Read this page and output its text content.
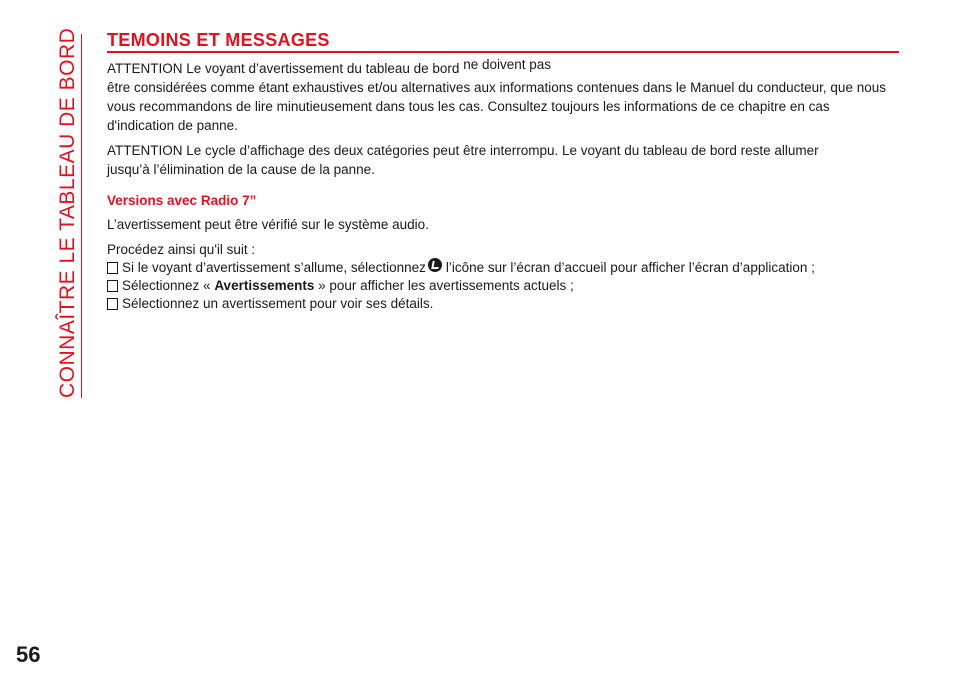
CONNAÎTRE LE TABLEAU DE BORD TEMOINS ET MESSAGES

ATTENTION Le voyant d’avertissement du tableau de bord ne doivent pas
être considérées comme étant exhaustives et/ou alternatives aux informations contenues dans le Manuel du conducteur, que nous vous recommandons de lire minutieusement dans tous les cas. Consultez toujours les informations de ce chapitre en cas d'indication de panne.

ATTENTION Le cycle d’affichage des deux catégories peut être interrompu. Le voyant du tableau de bord reste allumer
jusqu’à l’élimination de la cause de la panne.

Versions avec Radio 7”

L’avertissement peut être vérifié sur le système audio.

Procédez ainsi qu'il suit :

Si le voyant d’avertissement s’allume, sélectionnez l’icône sur l’écran d’accueil pour afficher l’écran d’application ;
Sélectionnez « Avertissements » pour afficher les avertissements actuels ;
Sélectionnez un avertissement pour voir ses détails.
56
